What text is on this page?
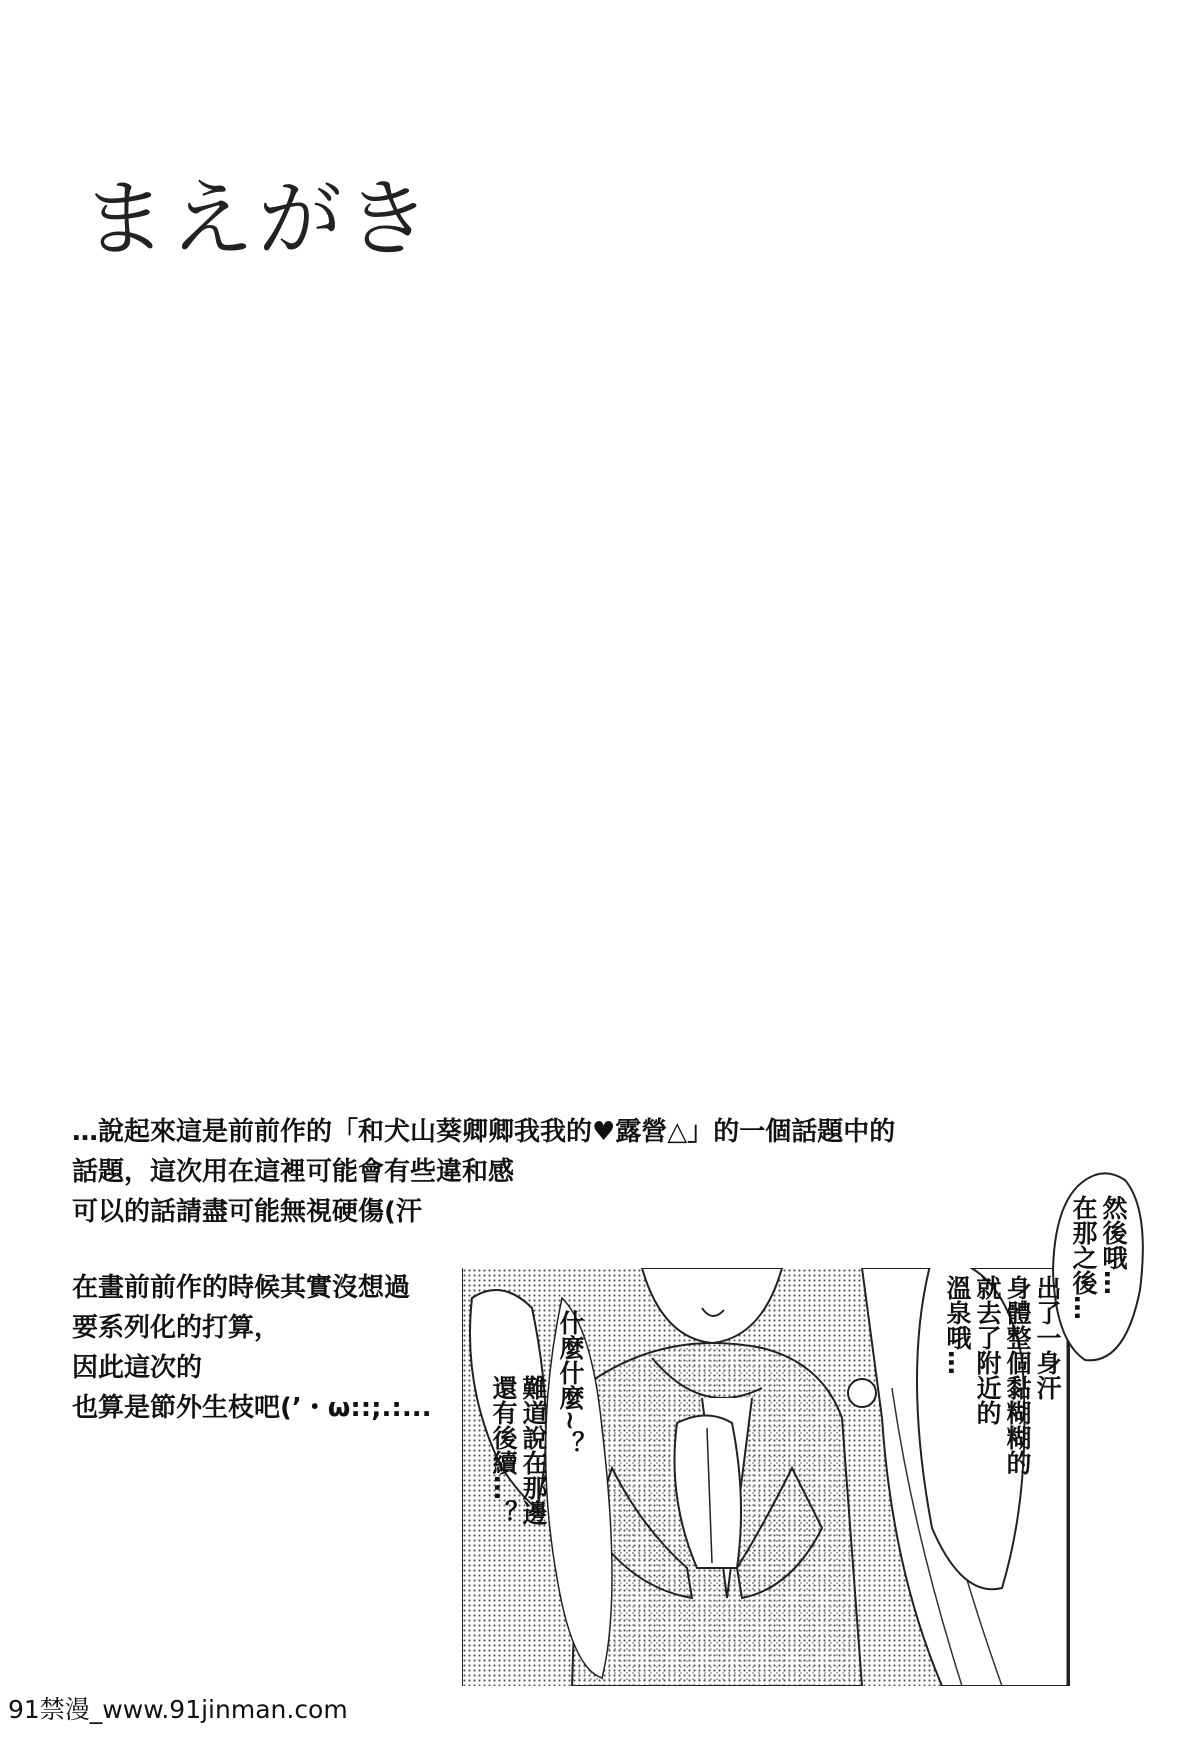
まえがき
…說起來這是前前作的「和犬山葵卿卿我我的♥露營△」的一個話題中的
話題，這次用在這裡可能會有些違和感
可以的話請盡可能無視硬傷(汗
在畫前前作的時候其實沒想過
要系列化的打算，
因此這次的
也算是節外生枝吧(’・ω::;.:...
然後哦…
在那之後…
出了一身汗
身體整個黏糊糊的
就去了附近的
溫泉哦…
什麼什麼~？
難道說在那邊
還有後續…？
91禁漫_www.91jinman.com
